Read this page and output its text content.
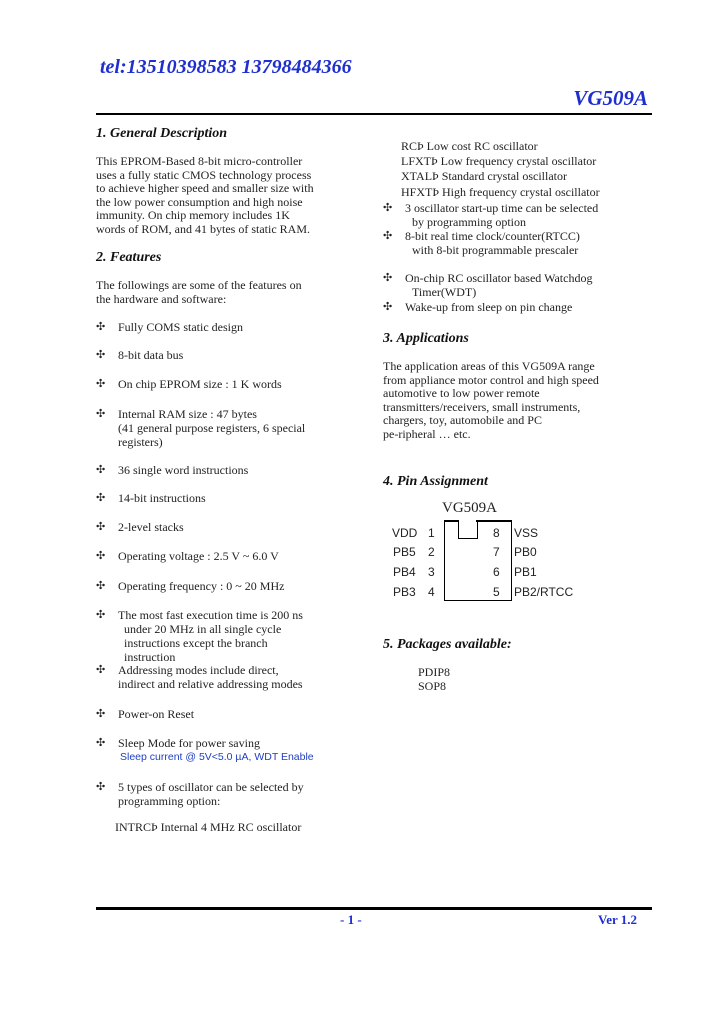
tel:13510398583 13798484366
VG509A
1. General Description
This EPROM-Based 8-bit micro-controller
uses a fully static CMOS technology process
to achieve higher speed and smaller size with
the low power consumption and high noise
immunity. On chip memory includes 1K
words of ROM, and 41 bytes of static RAM.
2. Features
The followings are some of the features on
the hardware and software:
✣ Fully COMS static design
✣ 8-bit data bus
✣ On chip EPROM size : 1 K words
✣ Internal RAM size : 47 bytes
(41 general purpose registers, 6 special
registers)
✣ 36 single word instructions
✣ 14-bit instructions
✣ 2-level stacks
✣ Operating voltage : 2.5 V ~ 6.0 V
✣ Operating frequency : 0 ~ 20 MHz
✣ The most fast execution time is 200 ns
under 20 MHz in all single cycle
instructions except the branch
instruction
✣ Addressing modes include direct,
indirect and relative addressing modes
✣ Power-on Reset
✣ Sleep Mode for power saving
Sleep current @ 5V<5.0 µA, WDT Enable
✣ 5 types of oscillator can be selected by
programming option:
INTRCÞ Internal 4 MHz RC oscillator
RCÞ Low cost RC oscillator
LFXTÞ Low frequency crystal oscillator
XTALÞ Standard crystal oscillator
HFXTÞ High frequency crystal oscillator
✣ 3 oscillator start-up time can be selected
by programming option
✣ 8-bit real time clock/counter(RTCC)
with 8-bit programmable prescaler
✣ On-chip RC oscillator based Watchdog
Timer(WDT)
✣ Wake-up from sleep on pin change
3. Applications
The application areas of this VG509A range
from appliance motor control and high speed
automotive to low power remote
transmitters/receivers, small instruments,
chargers, toy, automobile and PC
pe-ripheral … etc.
4. Pin Assignment
VG509A
VDD 1
PB5 2
PB4 3
PB3 4
8 VSS
7 PB0
6 PB1
5 PB2/RTCC
5. Packages available:
PDIP8
SOP8
- 1 -	Ver 1.2
